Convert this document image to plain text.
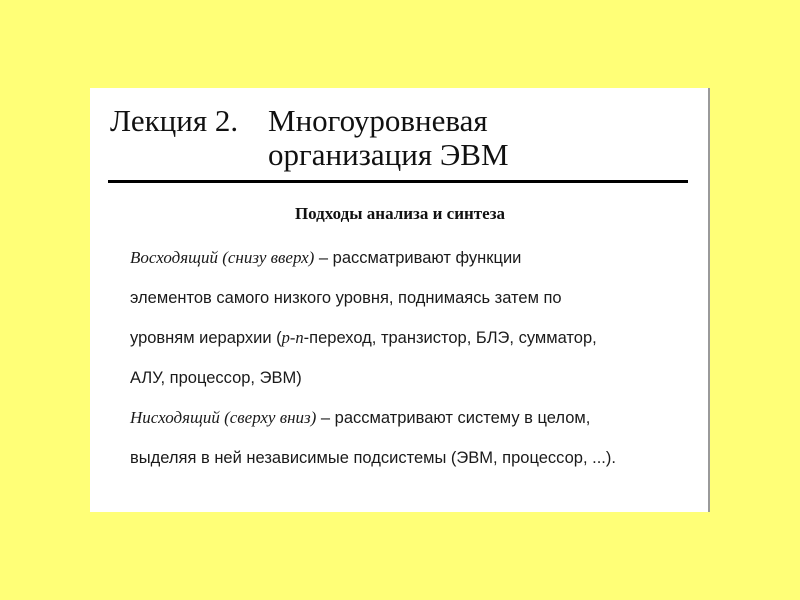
Лекция 2. Многоуровневая
организация ЭВМ
Подходы анализа и синтеза
Восходящий (снизу вверх) – рассматривают функции
элементов самого низкого уровня, поднимаясь затем по
уровням иерархии (p-n-переход, транзистор, БЛЭ, сумматор,
АЛУ, процессор, ЭВМ)
Нисходящий (сверху вниз) – рассматривают систему в целом,
выделяя в ней независимые подсистемы (ЭВМ, процессор, ...).
